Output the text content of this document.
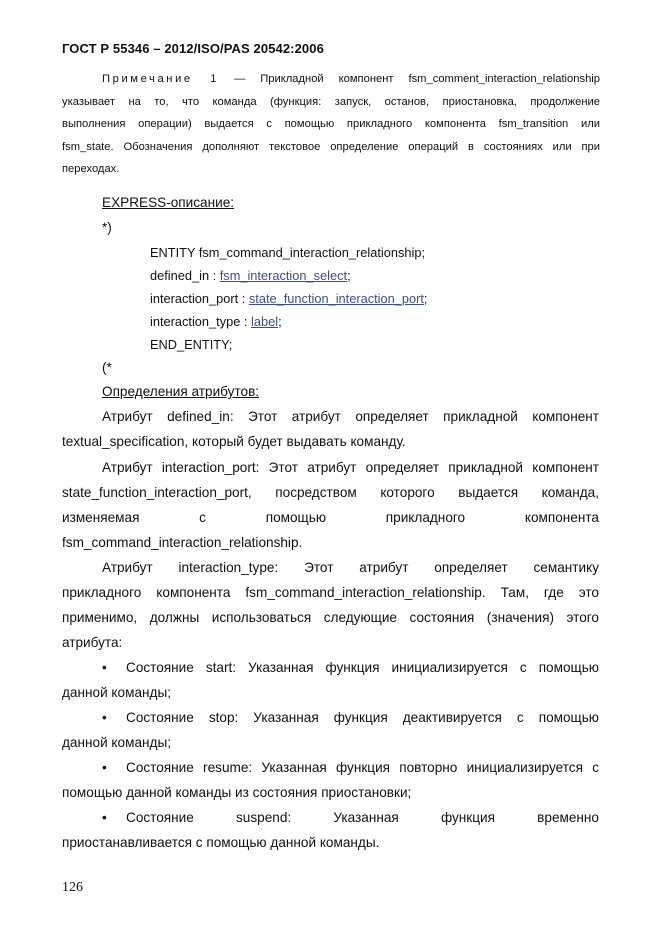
ГОСТ Р 55346 – 2012/ISO/PAS 20542:2006
Примечание 1 — Прикладной компонент fsm_comment_interaction_relationship
указывает на то, что команда (функция: запуск, останов, приостановка, продолжение
выполнения операции) выдается с помощью прикладного компонента fsm_transition или
fsm_state. Обозначения дополняют текстовое определение операций в состояниях или при
переходах.
EXPRESS-описание:
*)
ENTITY fsm_command_interaction_relationship;
defined_in : fsm_interaction_select;
interaction_port : state_function_interaction_port;
interaction_type : label;
END_ENTITY;
(*
Определения атрибутов:
Атрибут defined_in: Этот атрибут определяет прикладной компонент
textual_specification, который будет выдавать команду.
Атрибут interaction_port: Этот атрибут определяет прикладной компонент
state_function_interaction_port, посредством которого выдается команда,
изменяемая с помощью прикладного компонента
fsm_command_interaction_relationship.
Атрибут interaction_type: Этот атрибут определяет семантику
прикладного компонента fsm_command_interaction_relationship. Там, где это
применимо, должны использоваться следующие состояния (значения) этого
атрибута:
• Состояние start: Указанная функция инициализируется с помощью
данной команды;
• Состояние stop: Указанная функция деактивируется с помощью
данной команды;
• Состояние resume: Указанная функция повторно инициализируется с
помощью данной команды из состояния приостановки;
• Состояние suspend: Указанная функция временно
приостанавливается с помощью данной команды.
126
